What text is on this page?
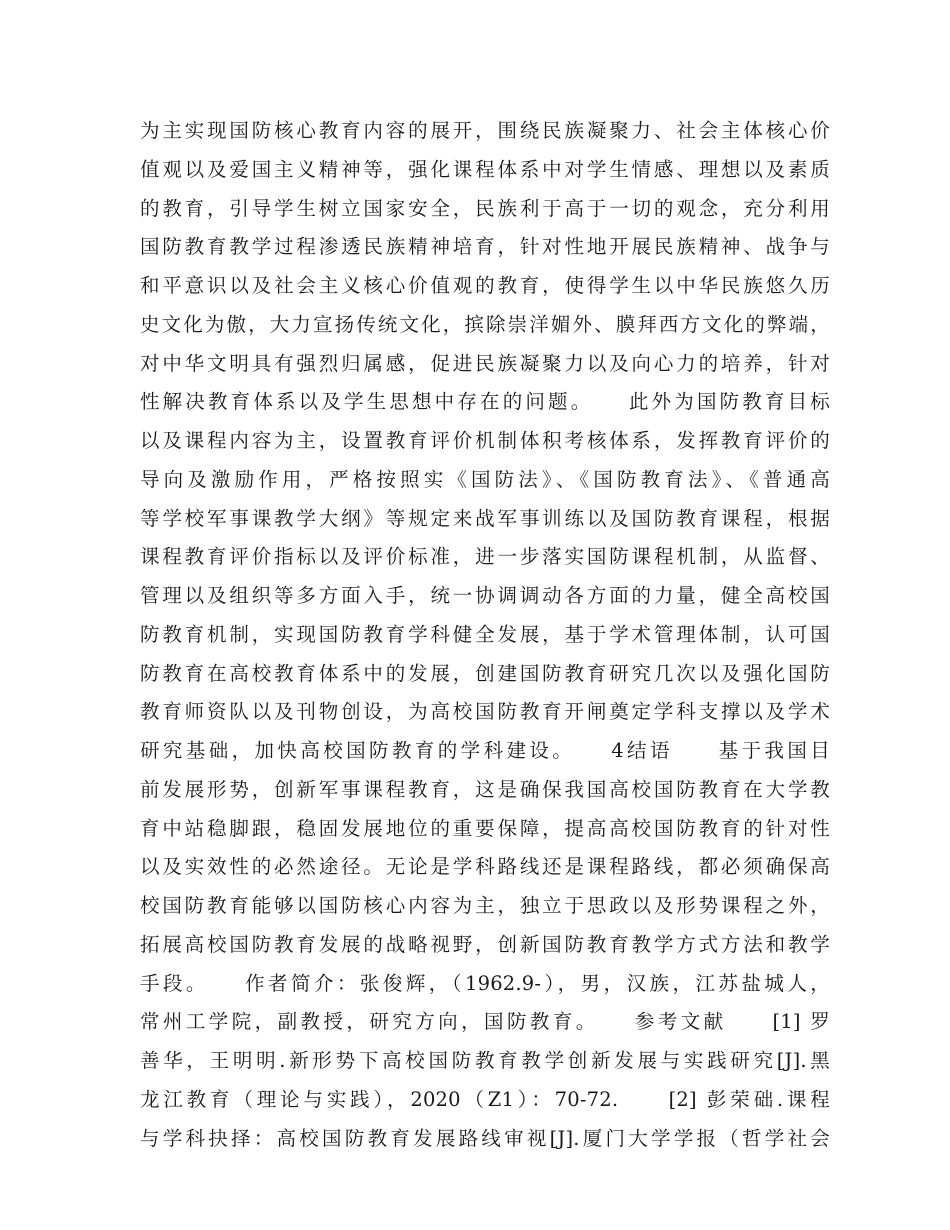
为主实现国防核心教育内容的展开，围绕民族凝聚力、社会主体核心价
值观以及爱国主义精神等，强化课程体系中对学生情感、理想以及素质
的教育，引导学生树立国家安全，民族利于高于一切的观念，充分利用
国防教育教学过程渗透民族精神培育，针对性地开展民族精神、战争与
和平意识以及社会主义核心价值观的教育，使得学生以中华民族悠久历
史文化为傲，大力宣扬传统文化，摈除崇洋媚外、膜拜西方文化的弊端，
对中华文明具有强烈归属感，促进民族凝聚力以及向心力的培养，针对
性解决教育体系以及学生思想中存在的问题。　　此外为国防教育目标
以及课程内容为主，设置教育评价机制体积考核体系，发挥教育评价的
导向及激励作用，严格按照实《国防法》、《国防教育法》、《普通高
等学校军事课教学大纲》等规定来战军事训练以及国防教育课程，根据
课程教育评价指标以及评价标准，进一步落实国防课程机制，从监督、
管理以及组织等多方面入手，统一协调调动各方面的力量，健全高校国
防教育机制，实现国防教育学科健全发展，基于学术管理体制，认可国
防教育在高校教育体系中的发展，创建国防教育研究几次以及强化国防
教育师资队以及刊物创设，为高校国防教育开闸奠定学科支撑以及学术
研究基础，加快高校国防教育的学科建设。　　4结语　　基于我国目
前发展形势，创新军事课程教育，这是确保我国高校国防教育在大学教
育中站稳脚跟，稳固发展地位的重要保障，提高高校国防教育的针对性
以及实效性的必然途径。无论是学科路线还是课程路线，都必须确保高
校国防教育能够以国防核心内容为主，独立于思政以及形势课程之外，
拓展高校国防教育发展的战略视野，创新国防教育教学方式方法和教学
手段。　　作者简介：张俊辉，（1962.9-），男，汉族，江苏盐城人，
常州工学院，副教授，研究方向，国防教育。　　参考文献　　[1] 罗
善华，王明明.新形势下高校国防教育教学创新发展与实践研究[J].黑
龙江教育（理论与实践），2020（Z1）：70-72.　　[2] 彭荣础.课程
与学科抉择：高校国防教育发展路线审视[J].厦门大学学报（哲学社会
